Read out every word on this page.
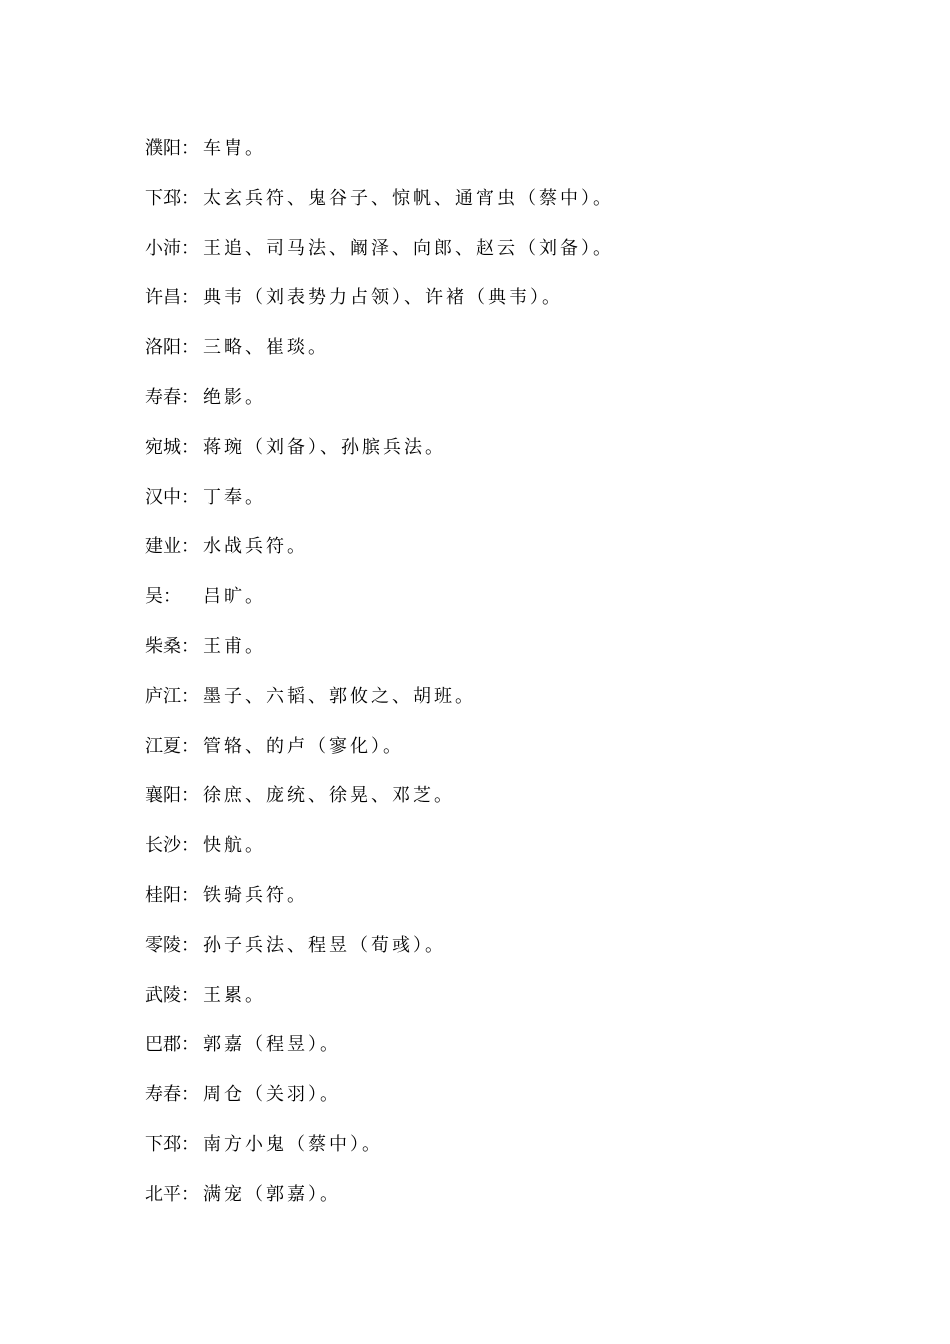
濮阳： 车胄。
下邳： 太玄兵符、鬼谷子、惊帆、通宵虫（蔡中）。
小沛： 王追、司马法、阚泽、向郎、赵云（刘备）。
许昌： 典韦（刘表势力占领）、许褚（典韦）。
洛阳： 三略、崔琰。
寿春： 绝影。
宛城： 蒋琬（刘备）、孙膑兵法。
汉中： 丁奉。
建业： 水战兵符。
吴：	吕旷。
柴桑： 王甫。
庐江： 墨子、六韬、郭攸之、胡班。
江夏： 管辂、的卢（寥化）。
襄阳： 徐庶、庞统、徐晃、邓芝。
长沙： 快航。
桂阳： 铁骑兵符。
零陵： 孙子兵法、程昱（荀彧）。
武陵： 王累。
巴郡： 郭嘉（程昱）。
寿春： 周仓（关羽）。
下邳： 南方小鬼（蔡中）。
北平： 满宠（郭嘉）。
